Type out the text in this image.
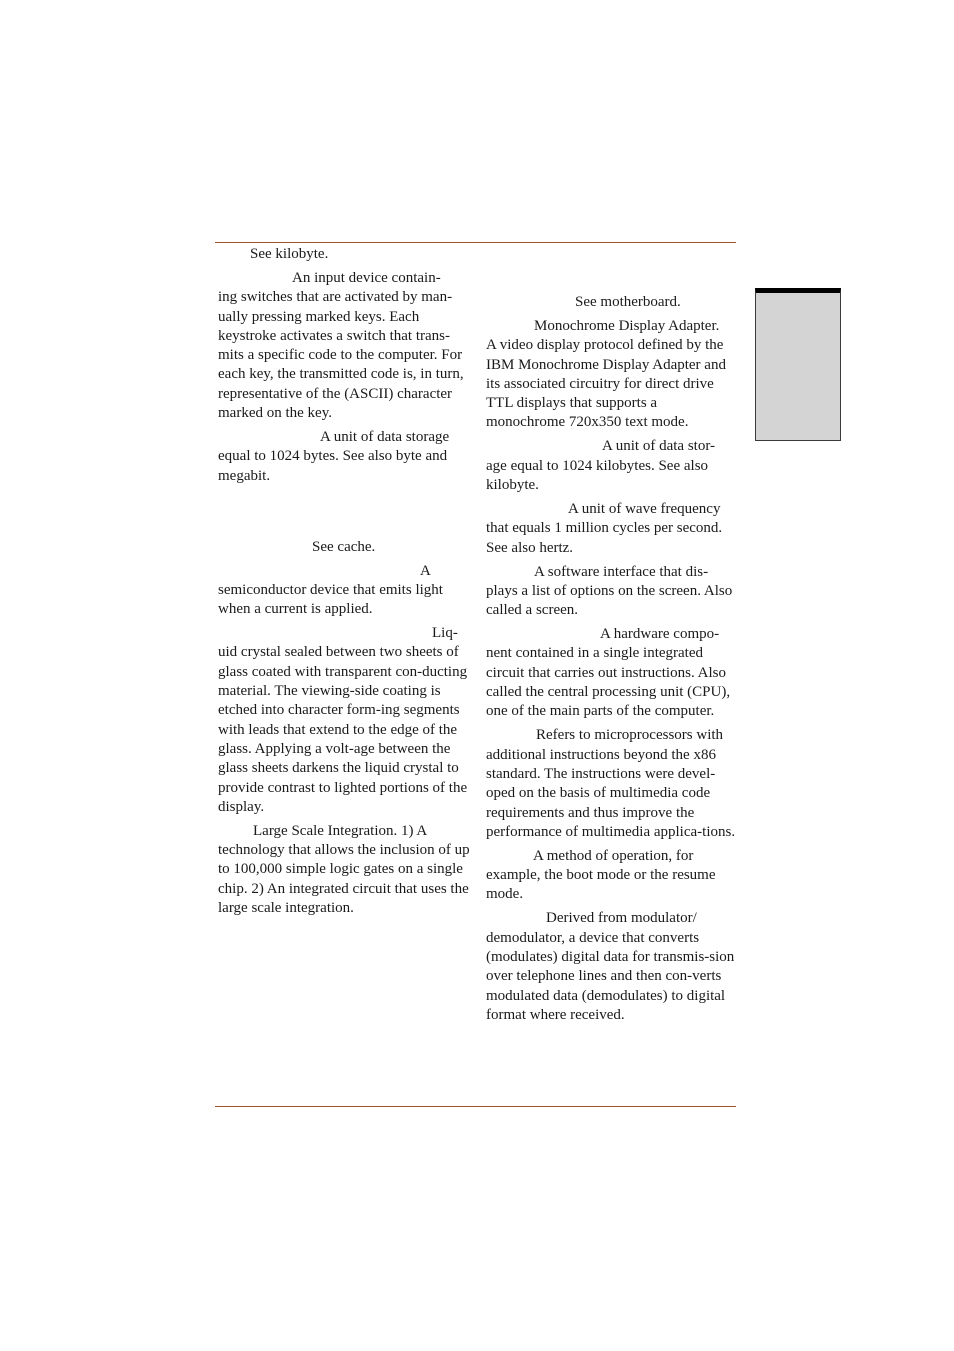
See kilobyte.

An input device contain-
ing switches that are activated by man-ually pressing marked keys. Each keystroke activates a switch that trans-mits a specific code to the computer. For each key, the transmitted code is, in turn, representative of the (ASCII) character marked on the key.

A unit of data storage
equal to 1024 bytes. See also byte and megabit.

See cache.

A
semiconductor device that emits light when a current is applied.

Liq-
uid crystal sealed between two sheets of glass coated with transparent con-ducting material. The viewing-side coating is etched into character form-ing segments with leads that extend to the edge of the glass. Applying a volt-age between the glass sheets darkens the liquid crystal to provide contrast to lighted portions of the display.

Large Scale Integration. 1) A
technology that allows the inclusion of up to 100,000 simple logic gates on a single chip. 2) An integrated circuit that uses the large scale integration.

See motherboard.

Monochrome Display Adapter.
A video display protocol defined by the IBM Monochrome Display Adapter and its associated circuitry for direct drive TTL displays that supports a monochrome 720x350 text mode.

A unit of data stor-
age equal to 1024 kilobytes. See also kilobyte.

A unit of wave frequency
that equals 1 million cycles per second. See also hertz.

A software interface that dis-
plays a list of options on the screen. Also called a screen.

A hardware compo-
nent contained in a single integrated circuit that carries out instructions. Also called the central processing unit (CPU), one of the main parts of the computer.

Refers to microprocessors with
additional instructions beyond the x86 standard. The instructions were devel-oped on the basis of multimedia code requirements and thus improve the performance of multimedia applica-tions.

A method of operation, for
example, the boot mode or the resume mode.

Derived from modulator/
demodulator, a device that converts (modulates) digital data for transmis-sion over telephone lines and then con-verts modulated data (demodulates) to digital format where received.
